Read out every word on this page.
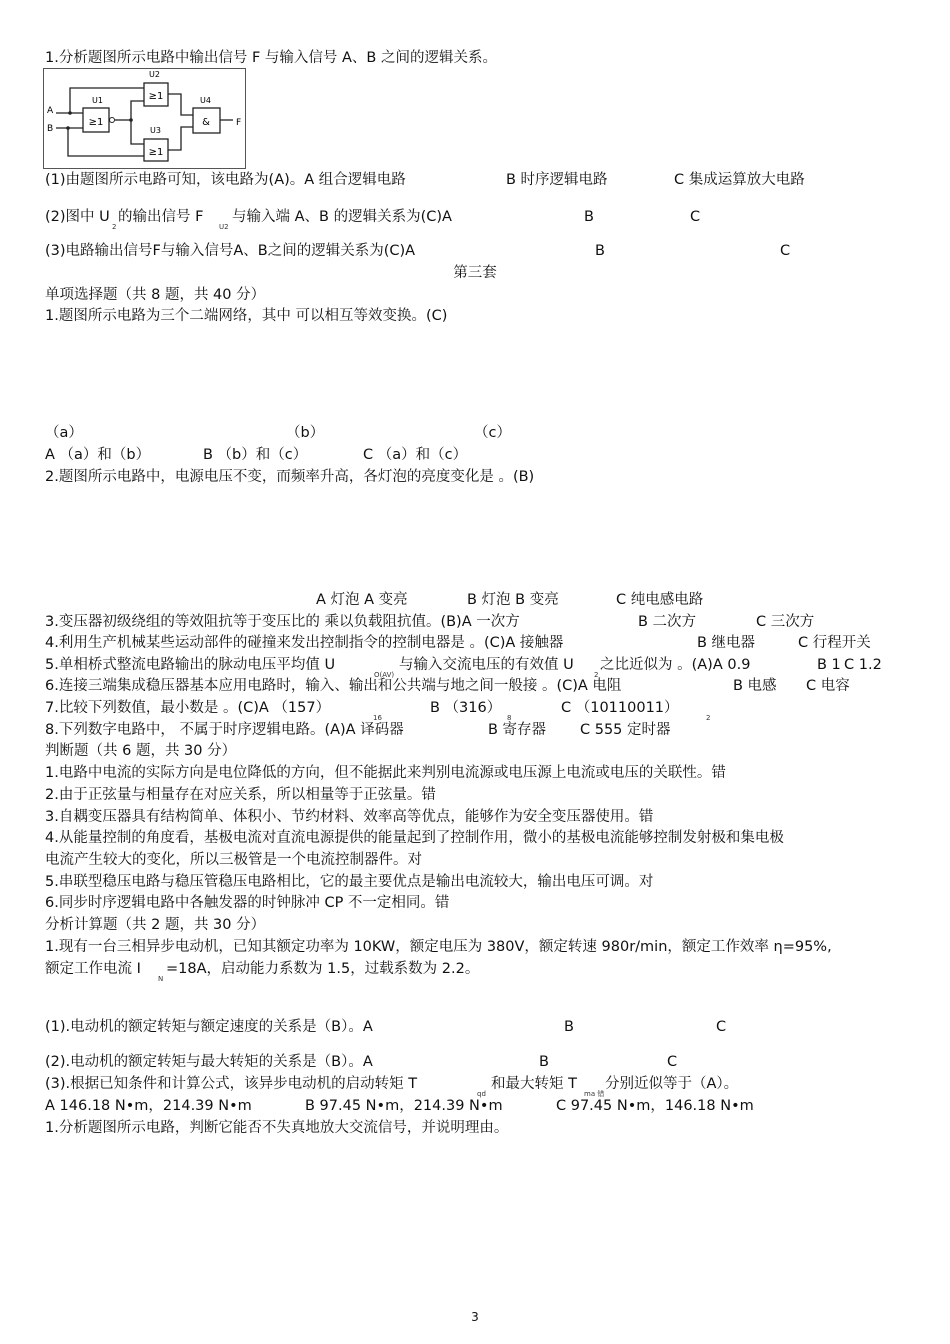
1.分析题图所示电路中输出信号 F 与输入信号 A、B 之间的逻辑关系。
≥1
U1	≥1
U2
≥1
U3
&
U4
A
B
F
(1)由题图所示电路可知，该电路为(A)。A 组合逻辑电路	B 时序逻辑电路	C 集成运算放大电路
(2)图中 U
2
的输出信号 F
U2
与输入端 A、B 的逻辑关系为(C)A	B	C
(3)电路输出信号F与输入信号A、B之间的逻辑关系为(C)A	B	C
第三套
单项选择题（共 8 题，共 40 分）
1.题图所示电路为三个二端网络，其中 可以相互等效变换。(C)
（a）	（b）	（c）
A （a）和（b）	B （b）和（c）	C （a）和（c）
2.题图所示电路中，电源电压不变，而频率升高，各灯泡的亮度变化是 。(B)
A 灯泡 A 变亮	B 灯泡 B 变亮	C 纯电感电路
3.变压器初级绕组的等效阻抗等于变压比的 乘以负载阻抗值。(B)A 一次方	B 二次方	C 三次方
4.利用生产机械某些运动部件的碰撞来发出控制指令的控制电器是 。(C)A 接触器	B 继电器	C 行程开关
5.单相桥式整流电路输出的脉动电压平均值 U
O(AV)
与输入交流电压的有效值 U
2
之比近似为 。(A)A 0.9	B 1 C 1.2
6.连接三端集成稳压器基本应用电路时，输入、输出和公共端与地之间一般接 。(C)A 电阻	B 电感 C 电容
7.比较下列数值，最小数是 。(C)A （157）	B （316）	C （10110011）
16	8	2
8.下列数字电路中， 不属于时序逻辑电路。(A)A 译码器	B 寄存器 C 555 定时器
判断题（共 6 题，共 30 分）
1.电路中电流的实际方向是电位降低的方向，但不能据此来判别电流源或电压源上电流或电压的关联性。错
2.由于正弦量与相量存在对应关系，所以相量等于正弦量。错
3.自耦变压器具有结构简单、体积小、节约材料、效率高等优点，能够作为安全变压器使用。错
4.从能量控制的角度看，基极电流对直流电源提供的能量起到了控制作用，微小的基极电流能够控制发射极和集电极
电流产生较大的变化，所以三极管是一个电流控制器件。对
5.串联型稳压电路与稳压管稳压电路相比，它的最主要优点是输出电流较大，输出电压可调。对
6.同步时序逻辑电路中各触发器的时钟脉冲 CP 不一定相同。错
分析计算题（共 2 题，共 30 分）
1.现有一台三相异步电动机，已知其额定功率为 10KW，额定电压为 380V，额定转速 980r/min，额定工作效率 η=95%,
额定工作电流 I
N
=18A，启动能力系数为 1.5，过载系数为 2.2。
(1).电动机的额定转矩与额定速度的关系是（B）。A	B	C
(2).电动机的额定转矩与最大转矩的关系是（B）。A	B	C
(3).根据已知条件和计算公式，该异步电动机的启动转矩 T
qd
和最大转矩 T
ma 错
分别近似等于（A）。
A 146.18 N•m，214.39 N•m	B 97.45 N•m，214.39 N•m	C 97.45 N•m，146.18 N•m
1.分析题图所示电路，判断它能否不失真地放大交流信号，并说明理由。
3
